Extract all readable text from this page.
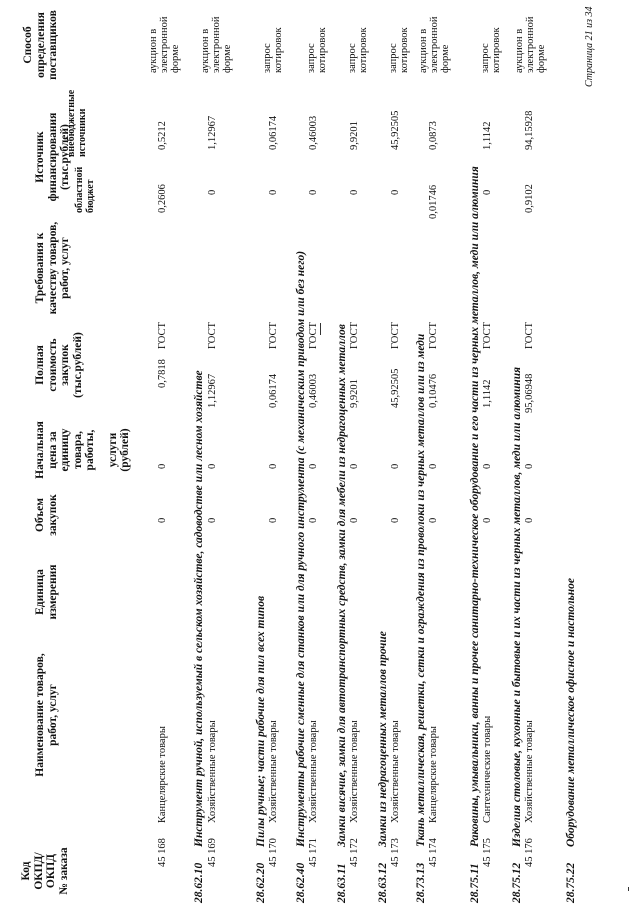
Код ОКПД/ ОКПД № заказа
Наименование товаров, работ, услуг
Единица измерения
Объем закупок
Начальная цена за единицу товара, работы, услуги (рублей)
Полная стоимость закупок (тыс.рублей)
Требования к качеству товаров, работ, услуг
Источник финансирования (тыс.рублей) областной бюджет
внебюджетные источники
Способ определения поставщиков
45 168
Канцелярские товары
0
0
0,7818
ГОСТ
0,2606
0,5212
аукцион в электронной форме
28.62.10
Инструмент ручной, используемый в сельском хозяйстве, садоводстве или лесном хозяйстве
45 169
Хозяйственные товары
0
0
1,12967
ГОСТ
0
1,12967
аукцион в электронной форме
28.62.20
Пилы ручные; части рабочие для пил всех типов
45 170
Хозяйственные товары
0
0
0,06174
ГОСТ
0
0,06174
запрос котировок
28.62.40
Инструменты рабочие сменные для станков или для ручного инструмента (с механическим приводом или без него)
45 171
Хозяйственные товары
0
0
0,46003
ГОСТ
0
0,46003
запрос котировок
28.63.11
Замки висячие, замки для автотранспортных средств, замки для мебели из недрагоценных металлов
45 172
Хозяйственные товары
0
0
9,9201
ГОСТ
0
9,9201
запрос котировок
28.63.12
Замки из недрагоценных металлов прочие
45 173
Хозяйственные товары
0
0
45,92505
ГОСТ
0
45,92505
запрос котировок
28.73.13
Ткань металлическая, решетки, сетки и ограждения из проволоки из черных металлов или из меди
45 174
Канцелярские товары
0
0
0,10476
ГОСТ
0,01746
0,0873
аукцион в электронной форме
28.75.11
Раковины, умывальники, ванны и прочее санитарно-техническое оборудование и его части из черных металлов, меди или алюминия
45 175
Сантехнические товары
0
0
1,1142
ГОСТ
0
1,1142
запрос котировок
28.75.12
Изделия столовые, кухонные и бытовые и их части из черных металлов, меди или алюминия
45 176
Хозяйственные товары
0
0
95,06948
ГОСТ
0,9102
94,15928
аукцион в электронной форме
28.75.22
Оборудование металлическое офисное и настольное
Страница 21 из 34
